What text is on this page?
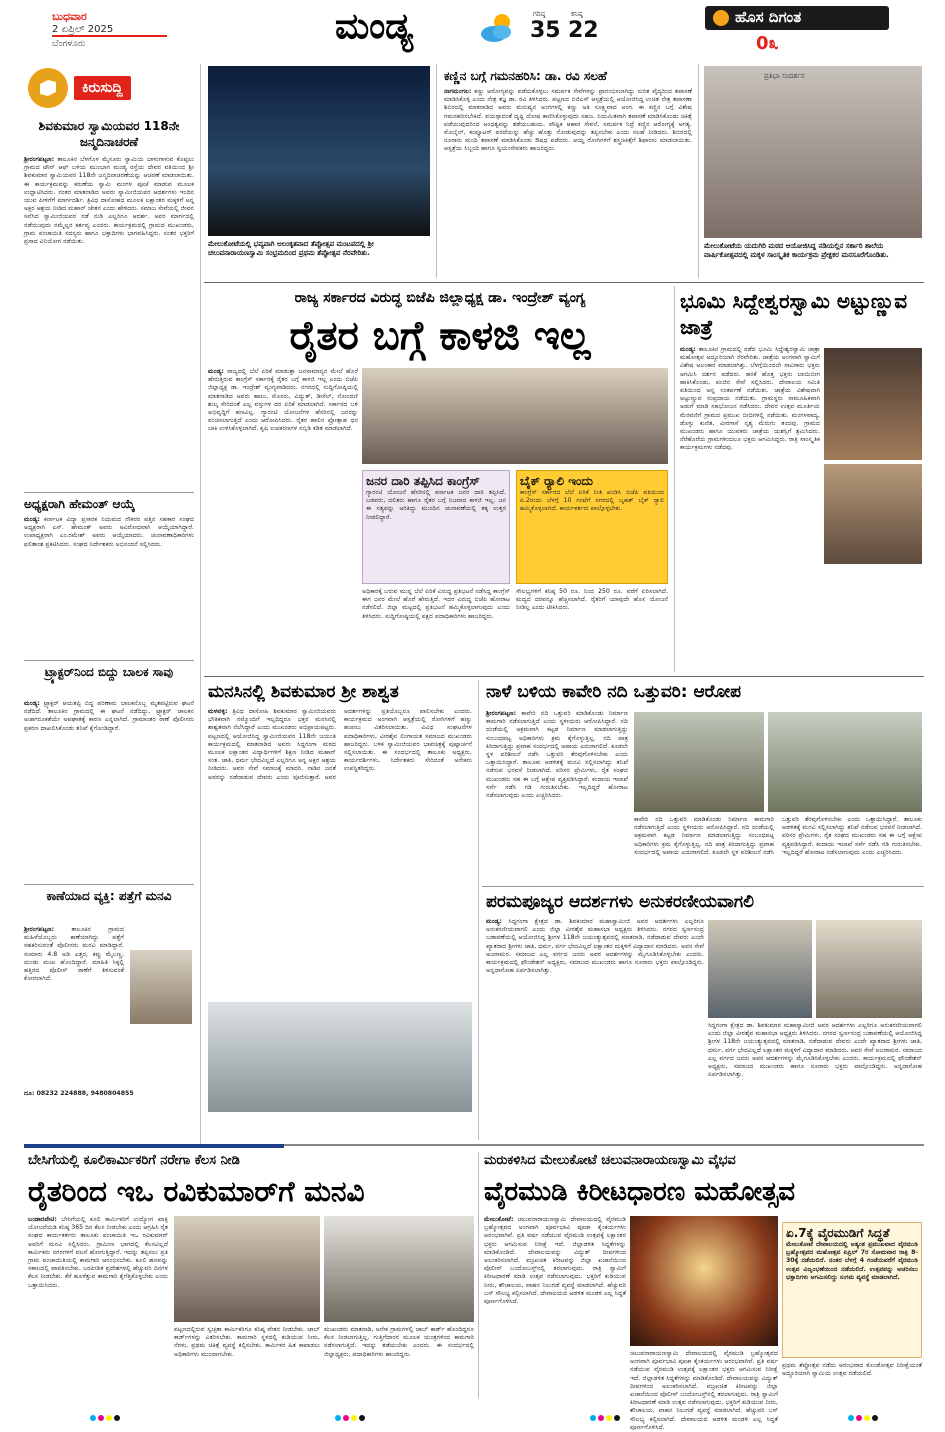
ಬುಧವಾರ
2 ಏಪ್ರಿಲ್ 2025
ಬೆಂಗಳೂರು	ಮಂಡ್ಯ	ಗರಿಷ್ಠ
35
ಕನಿಷ್ಠ
22
ಹೊಸ ದಿಗಂತ
0೩
ಕಿರುಸುದ್ದಿ
ಶಿವಕುಮಾರ ಸ್ವಾಮಿಯವರ 118ನೇ ಜನ್ಮದಿನಾಚರಣೆ
ಶ್ರೀರಂಗಪಟ್ಟಣ: ತಾಲೂಕಿನ ಬೆಳಗೊಳ ಮೈಸೂರು ಸ್ವಾಮಿಯ ಬಾಳುಗಾಳುವ ಕೊಪ್ಪಲು ಗ್ರಾಮದ ಟೌನ್ ಆಫ್ ಬಳಿಯ ಮುಂಭಾಗ ಮಂಡ್ಯ ರಸ್ತೆಯ ದೇವರ ವತಿಯಿಂದ ಶ್ರೀ ಶಿವಕುಮಾರ ಸ್ವಾಮಿಯವರ 118ನೇ ಜನ್ಮದಿನಾಚರಣೆಯನ್ನು ಆಚರಣೆ ಮಾಡಲಾಯಿತು. ಈ ಕಾರ್ಯಕ್ರಮವನ್ನು ಕರುಣೆಯ ಸ್ವಾಮಿ ಮಂಗಳ ಪೂಜೆ ಮಾಡುವ ಮೂಲಕ ಉದ್ಘಾಟಿಸಿದರು. ನಂತರ ಮಾತನಾಡಿದ ಅವರು ಸ್ವಾಮೀಜಿಯವರ ಆದರ್ಶಗಳು ಇಂದಿನ ಯುವ ಪೀಳಿಗೆಗೆ ಮಾರ್ಗದರ್ಶಿ. ತ್ರಿವಿಧ ದಾಸೋಹದ ಮೂಲಕ ಲಕ್ಷಾಂತರ ಮಕ್ಕಳಿಗೆ ಅನ್ನ ಅಕ್ಷರ ಆಶ್ರಯ ನೀಡಿದ ಮಹಾನ್ ಚೇತನ ಎಂದು ಹೇಳಿದರು. ಸಮಾಜ ಸೇವೆಯಲ್ಲಿ ಜೀವನ ಸವೆಸಿದ ಸ್ವಾಮೀಜಿಯವರ ನಡೆ ನುಡಿ ಎಲ್ಲರಿಗೂ ಆದರ್ಶ. ಅವರ ಮಾರ್ಗದಲ್ಲಿ ನಡೆಯುವುದು ನಮ್ಮೆಲ್ಲರ ಕರ್ತವ್ಯ ಎಂದರು. ಕಾರ್ಯಕ್ರಮದಲ್ಲಿ ಗ್ರಾಮದ ಮುಖಂಡರು, ಗ್ರಾಮ ಪಂಚಾಯಿತಿ ಸದಸ್ಯರು ಹಾಗೂ ಭಕ್ತಾದಿಗಳು ಭಾಗವಹಿಸಿದ್ದರು. ನಂತರ ಭಕ್ತರಿಗೆ ಪ್ರಸಾದ ವಿನಿಯೋಗ ನಡೆಯಿತು.
ಅಧ್ಯಕ್ಷರಾಗಿ ಹೇಮಂತ್ ಆಯ್ಕೆ
ಮಂಡ್ಯ: ಕರ್ನಾಟಕ ವಿದ್ಯಾ ಪ್ರಸಾರಕ ನಿಯಮದ ನೌಕರರ ಪತ್ತಿನ ಸಹಕಾರ ಸಂಘದ ಅಧ್ಯಕ್ಷರಾಗಿ ಎಸ್. ಹೇಮಂತ್ ಅವರು ಅವಿರೋಧವಾಗಿ ಆಯ್ಕೆಯಾಗಿದ್ದಾರೆ. ಉಪಾಧ್ಯಕ್ಷರಾಗಿ ಎಂ.ರಮೇಶ್ ಅವರು ಆಯ್ಕೆಯಾದರು. ಚುನಾವಣಾಧಿಕಾರಿಗಳು ಫಲಿತಾಂಶ ಪ್ರಕಟಿಸಿದರು. ಸಂಘದ ನಿರ್ದೇಶಕರು ಅಭಿನಂದನೆ ಸಲ್ಲಿಸಿದರು.
ಟ್ರ್ಯಾಕ್ಟರ್‌ನಿಂದ ಬಿದ್ದು ಬಾಲಕ ಸಾವು
ಮಂಡ್ಯ: ಟ್ರ್ಯಾಕ್ಟರ್ ಆಯತಪ್ಪಿ ಬಿದ್ದ ಪರಿಣಾಮ ಬಾಲಕನೊಬ್ಬ ಮೃತಪಟ್ಟಿರುವ ಘಟನೆ ನಡೆದಿದೆ. ತಾಲೂಕಿನ ಗ್ರಾಮದಲ್ಲಿ ಈ ಘಟನೆ ನಡೆದಿದ್ದು, ಟ್ರ್ಯಾಕ್ಟರ್ ಚಾಲಕನ ಅಜಾಗರೂಕತೆಯೇ ಅಪಘಾತಕ್ಕೆ ಕಾರಣ ಎನ್ನಲಾಗಿದೆ. ಗ್ರಾಮಾಂತರ ಠಾಣೆ ಪೊಲೀಸರು ಪ್ರಕರಣ ದಾಖಲಿಸಿಕೊಂಡು ತನಿಖೆ ಕೈಗೊಂಡಿದ್ದಾರೆ.
ಕಾಣೆಯಾದ ವ್ಯಕ್ತಿ: ಪತ್ತೆಗೆ ಮನವಿ
ಶ್ರೀರಂಗಪಟ್ಟಣ:	ತಾಲೂಕಿನ ಗ್ರಾಮದ ಮಹಿಳೆಯೊಬ್ಬರು ಕಾಣೆಯಾಗಿದ್ದು ಪತ್ತೆಗೆ ಸಹಕರಿಸುವಂತೆ ಪೊಲೀಸರು ಮನವಿ ಮಾಡಿದ್ದಾರೆ. ಸುಮಾರು 4.8 ಅಡಿ ಎತ್ತರ, ಕಪ್ಪು ಮೈಬಣ್ಣ, ದುಂಡು ಮುಖ ಹೊಂದಿದ್ದಾರೆ. ಮಾಹಿತಿ ಸಿಕ್ಕಲ್ಲಿ ಹತ್ತಿರದ ಪೊಲೀಸ್ ಠಾಣೆಗೆ ತಿಳಿಸುವಂತೆ ಕೋರಲಾಗಿದೆ.
ದೂ: 08232 224888, 9480804855
ಮೇಲುಕೋಟೆಯಲ್ಲಿ ಭವ್ಯವಾಗಿ ಅಲಂಕೃತವಾದ ತೆಪ್ಪೋತ್ಸವ ಮಂಟಪದಲ್ಲಿ ಶ್ರೀ ಚಲುವನಾರಾಯಣಸ್ವಾಮಿ ಸಂಭ್ರಮದಿಂದ ಪ್ರಥಮ ತೆಪ್ಪೋತ್ಸವ ನೆರವೇರಿತು.
ಕಣ್ಣಿನ ಬಗ್ಗೆ ಗಮನಹರಿಸಿ: ಡಾ. ರವಿ ಸಲಹೆ
ನಾಗಮಂಗಲ: ಕಣ್ಣು ಆರೋಗ್ಯವನ್ನು ಪಡೆದುಕೊಳ್ಳಲು ಸಮರ್ಪಕ ಸೇವೆಗಳನ್ನು ಪ್ರಾರಂಭಿಸಲಾಗಿದ್ದು ನುರಿತ ವೈದ್ಯರಿಂದ ತಪಾಸಣೆ ಮಾಡಿಸಿಕೊಳ್ಳಿ ಎಂದು ನೇತ್ರ ತಜ್ಞ ಡಾ. ರವಿ ತಿಳಿಸಿದರು. ಪಟ್ಟಣದ ಬಿಜಿಎಸ್ ಆಸ್ಪತ್ರೆಯಲ್ಲಿ ಆಯೋಜಿಸಿದ್ದ ಉಚಿತ ನೇತ್ರ ತಪಾಸಣಾ ಶಿಬಿರದಲ್ಲಿ ಮಾತನಾಡಿದ ಅವರು ಮನುಷ್ಯನ ಅಂಗಗಳಲ್ಲಿ ಕಣ್ಣು ಅತಿ ಸೂಕ್ಷ್ಮವಾದ ಅಂಗ. ಈ ಕಣ್ಣಿನ ಬಗ್ಗೆ ವಿಶೇಷ ಗಮನಹರಿಸಬೇಕಿದೆ. ವಯಸ್ಸಾದಂತೆ ದೃಷ್ಟಿ ದೋಷ ಕಾಣಿಸಿಕೊಳ್ಳುವುದು ಸಹಜ. ನಿಯಮಿತವಾಗಿ ತಪಾಸಣೆ ಮಾಡಿಸಿಕೊಂಡು ಚಿಕಿತ್ಸೆ ಪಡೆಯುವುದರಿಂದ ಅಂಧತ್ವವನ್ನು ತಡೆಯಬಹುದು. ಪೌಷ್ಟಿಕ ಆಹಾರ ಸೇವನೆ, ಸಮರ್ಪಕ ನಿದ್ರೆ ಕಣ್ಣಿನ ಆರೋಗ್ಯಕ್ಕೆ ಅಗತ್ಯ. ಮೊಬೈಲ್, ಕಂಪ್ಯೂಟರ್ ಪರದೆಯನ್ನು ಹೆಚ್ಚು ಹೊತ್ತು ನೋಡುವುದನ್ನು ತಪ್ಪಿಸಬೇಕು ಎಂದು ಸಲಹೆ ನೀಡಿದರು. ಶಿಬಿರದಲ್ಲಿ ನೂರಾರು ಮಂದಿ ತಪಾಸಣೆ ಮಾಡಿಸಿಕೊಂಡು ಔಷಧ ಪಡೆದರು. ಆಯ್ದ ರೋಗಿಗಳಿಗೆ ಶಸ್ತ್ರಚಿಕಿತ್ಸೆಗೆ ಶಿಫಾರಸು ಮಾಡಲಾಯಿತು. ಆಸ್ಪತ್ರೆಯ ಸಿಬ್ಬಂದಿ ಹಾಗೂ ಸ್ವಯಂಸೇವಕರು ಹಾಜರಿದ್ದರು.
ಪ್ರತಿಭಾ ಸಂದರ್ಶನ
ಮೇಲುಕೋಟೆಯ ಯದುಗಿರಿ ಮಠದ ಆಯೋಜಿಸಿದ್ದ ನಡಿಯಲ್ಲಿನ ಸರ್ಕಾರಿ ಶಾಲೆಯ ವಾರ್ಷಿಕೋತ್ಸವದಲ್ಲಿ ಮಕ್ಕಳ ಸಾಂಸ್ಕೃತಿಕ ಕಾರ್ಯಕ್ರಮ ಪ್ರೇಕ್ಷಕರ ಮನಸೂರೆಗೊಂಡಿತು.
ರಾಜ್ಯ ಸರ್ಕಾರದ ವಿರುದ್ಧ ಬಿಜೆಪಿ ಜಿಲ್ಲಾಧ್ಯಕ್ಷ ಡಾ. ಇಂದ್ರೇಶ್ ವ್ಯಂಗ್ಯ
ರೈತರ ಬಗ್ಗೆ ಕಾಳಜಿ ಇಲ್ಲ
ಮಂಡ್ಯ: ರಾಜ್ಯದಲ್ಲಿ ಬೆಲೆ ಏರಿಕೆ ಮಾಡುತ್ತಾ ಜನಸಾಮಾನ್ಯರ ಮೇಲೆ ಹೊರೆ ಹೇರುತ್ತಿರುವ ಕಾಂಗ್ರೆಸ್ ಸರ್ಕಾರಕ್ಕೆ ರೈತರ ಬಗ್ಗೆ ಕಾಳಜಿ ಇಲ್ಲ ಎಂದು ಬಿಜೆಪಿ ಜಿಲ್ಲಾಧ್ಯಕ್ಷ ಡಾ. ಇಂದ್ರೇಶ್ ವ್ಯಂಗ್ಯವಾಡಿದರು. ನಗರದಲ್ಲಿ ಸುದ್ದಿಗೋಷ್ಠಿಯಲ್ಲಿ ಮಾತನಾಡಿದ ಅವರು ಹಾಲು, ಮೊಸರು, ವಿದ್ಯುತ್, ಡೀಸೆಲ್, ನೋಂದಣಿ ಶುಲ್ಕ ಸೇರಿದಂತೆ ಎಲ್ಲ ವಸ್ತುಗಳ ದರ ಏರಿಕೆ ಮಾಡಲಾಗಿದೆ. ಸರ್ಕಾರದ ಬಳಿ ಅಭಿವೃದ್ಧಿಗೆ ಹಣವಿಲ್ಲ. ಗ್ಯಾರಂಟಿ ಯೋಜನೆಗಳ ಹೆಸರಿನಲ್ಲಿ ಜನರನ್ನು ವಂಚಿಸಲಾಗುತ್ತಿದೆ ಎಂದು ಆರೋಪಿಸಿದರು. ರೈತರ ಹಾಲಿನ ಪ್ರೋತ್ಸಾಹ ಧನ ಬಾಕಿ ಉಳಿಸಿಕೊಳ್ಳಲಾಗಿದೆ. ಕೃಷಿ ಉಪಕರಣಗಳ ಸಬ್ಸಿಡಿ ಕಡಿತ ಮಾಡಲಾಗಿದೆ.
ಜನರ ದಾರಿ ತಪ್ಪಿಸಿದ ಕಾಂಗ್ರೆಸ್
ಗ್ಯಾರಂಟಿ ಯೋಜನೆ ಹೆಸರಿನಲ್ಲಿ ಕರ್ನಾಟಕ ಜನರ ದಾರಿ ತಪ್ಪಿಸಿದೆ. ಬಡವರು, ದಲಿತರು ಹಾಗೂ ರೈತರ ಬಗ್ಗೆ ನಿಜವಾದ ಕಾಳಜಿ ಇಲ್ಲ. ಜನ ಈ ಸತ್ಯವನ್ನು ಅರಿತಿದ್ದು ಮುಂದಿನ ಚುನಾವಣೆಯಲ್ಲಿ ತಕ್ಕ ಉತ್ತರ ನೀಡಲಿದ್ದಾರೆ.
ಬೈಕ್ ರ್‍ಯಾಲಿ ಇಂದು
ಕಾಂಗ್ರೆಸ್ ಸರ್ಕಾರದ ಬೆಲೆ ಏರಿಕೆ ನೀತಿ ಖಂಡಿಸಿ ಬಿಜೆಪಿ ವತಿಯಿಂದ ಏ.2ರಂದು ಬೆಳಗ್ಗೆ 10 ಗಂಟೆಗೆ ನಗರದಲ್ಲಿ ಬೃಹತ್ ಬೈಕ್ ರ್‍ಯಾಲಿ ಹಮ್ಮಿಕೊಳ್ಳಲಾಗಿದೆ. ಕಾರ್ಯಕರ್ತರು ಪಾಲ್ಗೊಳ್ಳಬೇಕು.
ಅಧಿಕಾರಕ್ಕೆ ಬರುವ ಮುನ್ನ ಬೆಲೆ ಏರಿಕೆ ವಿರುದ್ಧ ಪ್ರತಿಭಟನೆ ನಡೆಸಿದ್ದ ಕಾಂಗ್ರೆಸ್ ಈಗ ಜನರ ಮೇಲೆ ಹೊರೆ ಹೇರುತ್ತಿದೆ. ಇದರ ವಿರುದ್ಧ ಬಿಜೆಪಿ ಹೋರಾಟ ನಡೆಸಲಿದೆ. ಜಿಲ್ಲಾ ಮಟ್ಟದಲ್ಲಿ ಪ್ರತಿಭಟನೆ ಹಮ್ಮಿಕೊಳ್ಳಲಾಗುವುದು ಎಂದು ತಿಳಿಸಿದರು. ಸುದ್ದಿಗೋಷ್ಠಿಯಲ್ಲಿ ಪಕ್ಷದ ಪದಾಧಿಕಾರಿಗಳು ಹಾಜರಿದ್ದರು.
ಸೌಲಭ್ಯಗಳಿಗೆ ಕನಿಷ್ಠ 50 ರೂ. ನಿಂದ 250 ರೂ. ವರೆಗೆ ಏರಿಸಲಾಗಿದೆ. ಮದ್ಯದ ದರವನ್ನೂ ಹೆಚ್ಚಿಸಲಾಗಿದೆ. ರೈತರಿಗೆ ಯಾವುದೇ ಹೊಸ ಯೋಜನೆ ನೀಡಿಲ್ಲ ಎಂದು ಟೀಕಿಸಿದರು.
ಭೂಮಿ ಸಿದ್ದೇಶ್ವರಸ್ವಾಮಿ ಅಟ್ಟುಣ್ಣುವ ಜಾತ್ರೆ
ಮಂಡ್ಯ: ತಾಲೂಕಿನ ಗ್ರಾಮದಲ್ಲಿ ನಡೆದ ಭೂಮಿ ಸಿದ್ದೇಶ್ವರಸ್ವಾಮಿ ಜಾತ್ರಾ ಮಹೋತ್ಸವ ಅದ್ದೂರಿಯಾಗಿ ನೆರವೇರಿತು. ಜಾತ್ರೆಯ ಅಂಗವಾಗಿ ಸ್ವಾಮಿಗೆ ವಿಶೇಷ ಅಲಂಕಾರ ಮಾಡಲಾಗಿತ್ತು. ಬೆಳಗ್ಗೆಯಿಂದಲೇ ಸಾವಿರಾರು ಭಕ್ತರು ಆಗಮಿಸಿ ದರ್ಶನ ಪಡೆದರು. ಹರಕೆ ಹೊತ್ತ ಭಕ್ತರು ಬಾಯಿಬೀಗ ಹಾಕಿಸಿಕೊಂಡು, ಪಂಜಿನ ಸೇವೆ ಸಲ್ಲಿಸಿದರು. ದೇವಾಲಯ ಸಮಿತಿ ವತಿಯಿಂದ ಅನ್ನ ಸಂತರ್ಪಣೆ ನಡೆಯಿತು. ಜಾತ್ರೆಯ ವಿಶೇಷವಾಗಿ ಅಟ್ಟುಣ್ಣುವ ಸಂಪ್ರದಾಯ ನಡೆಯಿತು. ಗ್ರಾಮಸ್ಥರು ಸಾಮೂಹಿಕವಾಗಿ ಅಡುಗೆ ಮಾಡಿ ಸಹಭೋಜನ ನಡೆಸಿದರು. ದೇವರ ಉತ್ಸವ ಮೂರ್ತಿಯ ಮೆರವಣಿಗೆ ಗ್ರಾಮದ ಪ್ರಮುಖ ಬೀದಿಗಳಲ್ಲಿ ನಡೆಯಿತು. ಮಂಗಳವಾದ್ಯ, ಡೊಳ್ಳು ಕುಣಿತ, ವೀರಗಾಸೆ ನೃತ್ಯ ಮೆರುಗು ತಂದವು. ಗ್ರಾಮದ ಮುಖಂಡರು ಹಾಗೂ ಯುವಕರು ಜಾತ್ರೆಯ ಯಶಸ್ಸಿಗೆ ಶ್ರಮಿಸಿದರು. ನೆರೆಹೊರೆಯ ಗ್ರಾಮಗಳಿಂದಲೂ ಭಕ್ತರು ಆಗಮಿಸಿದ್ದರು. ರಾತ್ರಿ ಸಾಂಸ್ಕೃತಿಕ ಕಾರ್ಯಕ್ರಮಗಳು ನಡೆದವು.
ಮನಸಿನಲ್ಲಿ ಶಿವಕುಮಾರ ಶ್ರೀ ಶಾಶ್ವತ
ಮಳವಳ್ಳಿ: ತ್ರಿವಿಧ ದಾಸೋಹಿ ಶಿವಕುಮಾರ ಸ್ವಾಮೀಜಿಯವರು ಭೌತಿಕವಾಗಿ ನಮ್ಮೊಂದಿಗೆ ಇಲ್ಲದಿದ್ದರೂ ಭಕ್ತರ ಮನಸಿನಲ್ಲಿ ಶಾಶ್ವತವಾಗಿ ನೆಲೆಸಿದ್ದಾರೆ ಎಂದು ಮುಖಂಡರು ಅಭಿಪ್ರಾಯಪಟ್ಟರು. ಪಟ್ಟಣದಲ್ಲಿ ಆಯೋಜಿಸಿದ್ದ ಸ್ವಾಮೀಜಿಯವರ 118ನೇ ಜಯಂತಿ ಕಾರ್ಯಕ್ರಮದಲ್ಲಿ ಮಾತನಾಡಿದ ಅವರು ಸಿದ್ದಗಂಗಾ ಮಠದ ಮೂಲಕ ಲಕ್ಷಾಂತರ ವಿದ್ಯಾರ್ಥಿಗಳಿಗೆ ಶಿಕ್ಷಣ ನೀಡಿದ ಮಹಾನ್ ಸಂತ. ಜಾತಿ, ಧರ್ಮ ಭೇದವಿಲ್ಲದೆ ಎಲ್ಲರಿಗೂ ಅನ್ನ ಅಕ್ಷರ ಆಶ್ರಯ ನೀಡಿದರು. ಅವರ ಸೇವೆ ಸಮಾಜಕ್ಕೆ ಮಾದರಿ. ನಾಡಿನ ಜನತೆ ಅವರನ್ನು ನಡೆದಾಡುವ ದೇವರು ಎಂದು ಪೂಜಿಸುತ್ತಾರೆ. ಅವರ ಆದರ್ಶಗಳನ್ನು ಪ್ರತಿಯೊಬ್ಬರೂ ಪಾಲಿಸಬೇಕು ಎಂದರು. ಕಾರ್ಯಕ್ರಮದ ಅಂಗವಾಗಿ ಆಸ್ಪತ್ರೆಯಲ್ಲಿ ರೋಗಿಗಳಿಗೆ ಹಣ್ಣು ಹಂಪಲು ವಿತರಿಸಲಾಯಿತು. ವಿವಿಧ ಸಂಘಟನೆಗಳ ಪದಾಧಿಕಾರಿಗಳು, ವೀರಶೈವ ಲಿಂಗಾಯತ ಸಮಾಜದ ಮುಖಂಡರು ಹಾಜರಿದ್ದರು. ಬಳಿಕ ಸ್ವಾಮೀಜಿಯವರ ಭಾವಚಿತ್ರಕ್ಕೆ ಪುಷ್ಪಾರ್ಚನೆ ಸಲ್ಲಿಸಲಾಯಿತು. ಈ ಸಂದರ್ಭದಲ್ಲಿ ತಾಲೂಕು ಅಧ್ಯಕ್ಷರು, ಕಾರ್ಯದರ್ಶಿಗಳು, ನಿರ್ದೇಶಕರು ಸೇರಿದಂತೆ ಅನೇಕರು ಉಪಸ್ಥಿತರಿದ್ದರು.
ನಾಳೆ ಬಳಿಯ ಕಾವೇರಿ ನದಿ ಒತ್ತುವರಿ: ಆರೋಪ
ಶ್ರೀರಂಗಪಟ್ಟಣ: ಕಾವೇರಿ ನದಿ ಒತ್ತುವರಿ ಮಾಡಿಕೊಂಡು ನಿರ್ಮಾಣ ಕಾಮಗಾರಿ ನಡೆಸಲಾಗುತ್ತಿದೆ ಎಂದು ಸ್ಥಳೀಯರು ಆರೋಪಿಸಿದ್ದಾರೆ. ನದಿ ದಂಡೆಯಲ್ಲಿ ಅಕ್ರಮವಾಗಿ ಕಟ್ಟಡ ನಿರ್ಮಾಣ ಮಾಡಲಾಗುತ್ತಿದ್ದು ಸಂಬಂಧಪಟ್ಟ ಅಧಿಕಾರಿಗಳು ಕ್ರಮ ಕೈಗೊಳ್ಳುತ್ತಿಲ್ಲ. ನದಿ ಪಾತ್ರ ಕಿರಿದಾಗುತ್ತಿದ್ದು ಪ್ರವಾಹ ಸಂದರ್ಭದಲ್ಲಿ ಅಪಾಯ ಎದುರಾಗಲಿದೆ. ಕೂಡಲೇ ಸ್ಥಳ ಪರಿಶೀಲನೆ ನಡೆಸಿ ಒತ್ತುವರಿ ತೆರವುಗೊಳಿಸಬೇಕು ಎಂದು ಒತ್ತಾಯಿಸಿದ್ದಾರೆ. ತಾಲೂಕು ಆಡಳಿತಕ್ಕೆ ಮನವಿ ಸಲ್ಲಿಸಲಾಗಿದ್ದು ತನಿಖೆ ನಡೆಸುವ ಭರವಸೆ ನೀಡಲಾಗಿದೆ. ಪರಿಸರ ಪ್ರೇಮಿಗಳು, ರೈತ ಸಂಘದ ಮುಖಂಡರು ಸಹ ಈ ಬಗ್ಗೆ ಆಕ್ಷೇಪ ವ್ಯಕ್ತಪಡಿಸಿದ್ದಾರೆ. ಕಂದಾಯ ಇಲಾಖೆ ಸರ್ವೆ ನಡೆಸಿ ಗಡಿ ಗುರುತಿಸಬೇಕು. ಇಲ್ಲದಿದ್ದರೆ ಹೋರಾಟ ನಡೆಸಲಾಗುವುದು ಎಂದು ಎಚ್ಚರಿಸಿದರು.
ಕಾವೇರಿ ನದಿ ಒತ್ತುವರಿ ಮಾಡಿಕೊಂಡು ನಿರ್ಮಾಣ ಕಾಮಗಾರಿ ನಡೆಸಲಾಗುತ್ತಿದೆ ಎಂದು ಸ್ಥಳೀಯರು ಆರೋಪಿಸಿದ್ದಾರೆ. ನದಿ ದಂಡೆಯಲ್ಲಿ ಅಕ್ರಮವಾಗಿ ಕಟ್ಟಡ ನಿರ್ಮಾಣ ಮಾಡಲಾಗುತ್ತಿದ್ದು ಸಂಬಂಧಪಟ್ಟ ಅಧಿಕಾರಿಗಳು ಕ್ರಮ ಕೈಗೊಳ್ಳುತ್ತಿಲ್ಲ. ನದಿ ಪಾತ್ರ ಕಿರಿದಾಗುತ್ತಿದ್ದು ಪ್ರವಾಹ ಸಂದರ್ಭದಲ್ಲಿ ಅಪಾಯ ಎದುರಾಗಲಿದೆ. ಕೂಡಲೇ ಸ್ಥಳ ಪರಿಶೀಲನೆ ನಡೆಸಿ ಒತ್ತುವರಿ ತೆರವುಗೊಳಿಸಬೇಕು ಎಂದು ಒತ್ತಾಯಿಸಿದ್ದಾರೆ. ತಾಲೂಕು ಆಡಳಿತಕ್ಕೆ ಮನವಿ ಸಲ್ಲಿಸಲಾಗಿದ್ದು ತನಿಖೆ ನಡೆಸುವ ಭರವಸೆ ನೀಡಲಾಗಿದೆ. ಪರಿಸರ ಪ್ರೇಮಿಗಳು, ರೈತ ಸಂಘದ ಮುಖಂಡರು ಸಹ ಈ ಬಗ್ಗೆ ಆಕ್ಷೇಪ ವ್ಯಕ್ತಪಡಿಸಿದ್ದಾರೆ. ಕಂದಾಯ ಇಲಾಖೆ ಸರ್ವೆ ನಡೆಸಿ ಗಡಿ ಗುರುತಿಸಬೇಕು. ಇಲ್ಲದಿದ್ದರೆ ಹೋರಾಟ ನಡೆಸಲಾಗುವುದು ಎಂದು ಎಚ್ಚರಿಸಿದರು.
ಪರಮಪೂಜ್ಯರ ಆದರ್ಶಗಳು ಅನುಕರಣೀಯವಾಗಲಿ
ಮಂಡ್ಯ: ಸಿದ್ದಗಂಗಾ ಕ್ಷೇತ್ರದ ಡಾ. ಶಿವಕುಮಾರ ಮಹಾಸ್ವಾಮೀಜಿ ಅವರ ಆದರ್ಶಗಳು ಎಲ್ಲರಿಗೂ ಅನುಕರಣೀಯವಾಗಲಿ ಎಂದು ಜಿಲ್ಲಾ ವೀರಶೈವ ಮಹಾಸಭಾ ಅಧ್ಯಕ್ಷರು ತಿಳಿಸಿದರು. ನಗರದ ಸ್ವರ್ಣಸಂದ್ರ ಬಡಾವಣೆಯಲ್ಲಿ ಆಯೋಜಿಸಿದ್ದ ಶ್ರೀಗಳ 118ನೇ ಜಯಂತ್ಯುತ್ಸವದಲ್ಲಿ ಮಾತನಾಡಿ, ನಡೆದಾಡುವ ದೇವರು ಎಂದೇ ಖ್ಯಾತರಾದ ಶ್ರೀಗಳು ಜಾತಿ, ಧರ್ಮ, ವರ್ಗ ಭೇದವಿಲ್ಲದೆ ಲಕ್ಷಾಂತರ ಮಕ್ಕಳಿಗೆ ವಿದ್ಯಾದಾನ ಮಾಡಿದರು. ಅವರ ಸೇವೆ ಅಜರಾಮರ. ಸಮಾಜದ ಎಲ್ಲ ವರ್ಗದ ಜನರು ಅವರ ಆದರ್ಶಗಳನ್ನು ಮೈಗೂಡಿಸಿಕೊಳ್ಳಬೇಕು ಎಂದರು. ಕಾರ್ಯಕ್ರಮದಲ್ಲಿ ಫೌಂಡೇಶನ್ ಅಧ್ಯಕ್ಷರು, ಸಮಾಜದ ಮುಖಂಡರು ಹಾಗೂ ನೂರಾರು ಭಕ್ತರು ಪಾಲ್ಗೊಂಡಿದ್ದರು. ಅನ್ನದಾಸೋಹ ಏರ್ಪಡಿಸಲಾಗಿತ್ತು.
ಸಿದ್ದಗಂಗಾ ಕ್ಷೇತ್ರದ ಡಾ. ಶಿವಕುಮಾರ ಮಹಾಸ್ವಾಮೀಜಿ ಅವರ ಆದರ್ಶಗಳು ಎಲ್ಲರಿಗೂ ಅನುಕರಣೀಯವಾಗಲಿ ಎಂದು ಜಿಲ್ಲಾ ವೀರಶೈವ ಮಹಾಸಭಾ ಅಧ್ಯಕ್ಷರು ತಿಳಿಸಿದರು. ನಗರದ ಸ್ವರ್ಣಸಂದ್ರ ಬಡಾವಣೆಯಲ್ಲಿ ಆಯೋಜಿಸಿದ್ದ ಶ್ರೀಗಳ 118ನೇ ಜಯಂತ್ಯುತ್ಸವದಲ್ಲಿ ಮಾತನಾಡಿ, ನಡೆದಾಡುವ ದೇವರು ಎಂದೇ ಖ್ಯಾತರಾದ ಶ್ರೀಗಳು ಜಾತಿ, ಧರ್ಮ, ವರ್ಗ ಭೇದವಿಲ್ಲದೆ ಲಕ್ಷಾಂತರ ಮಕ್ಕಳಿಗೆ ವಿದ್ಯಾದಾನ ಮಾಡಿದರು. ಅವರ ಸೇವೆ ಅಜರಾಮರ. ಸಮಾಜದ ಎಲ್ಲ ವರ್ಗದ ಜನರು ಅವರ ಆದರ್ಶಗಳನ್ನು ಮೈಗೂಡಿಸಿಕೊಳ್ಳಬೇಕು ಎಂದರು. ಕಾರ್ಯಕ್ರಮದಲ್ಲಿ ಫೌಂಡೇಶನ್ ಅಧ್ಯಕ್ಷರು, ಸಮಾಜದ ಮುಖಂಡರು ಹಾಗೂ ನೂರಾರು ಭಕ್ತರು ಪಾಲ್ಗೊಂಡಿದ್ದರು. ಅನ್ನದಾಸೋಹ ಏರ್ಪಡಿಸಲಾಗಿತ್ತು.
ಬೇಸಿಗೆಯಲ್ಲಿ ಕೂಲಿಕಾರ್ಮಿಕರಿಗೆ ನರೇಗಾ ಕೆಲಸ ನೀಡಿ
ರೈತರಿಂದ ಇಒ ರವಿಕುಮಾರ್‌ಗೆ ಮನವಿ
ಬಂಡಾರವೇಟಿ: ಬೇಸಿಗೆಯಲ್ಲಿ ಕೂಲಿ ಕಾರ್ಮಿಕರಿಗೆ ಉದ್ಯೋಗ ಖಾತ್ರಿ ಯೋಜನೆಯಡಿ ಕನಿಷ್ಠ 365 ದಿನ ಕೆಲಸ ನೀಡಬೇಕು ಎಂದು ಆಗ್ರಹಿಸಿ ರೈತ ಸಂಘದ ಕಾರ್ಯಕರ್ತರು ತಾಲೂಕು ಪಂಚಾಯಿತಿ ಇಒ ರವಿಕುಮಾರ್ ಅವರಿಗೆ ಮನವಿ ಸಲ್ಲಿಸಿದರು. ಗ್ರಾಮೀಣ ಭಾಗದಲ್ಲಿ ಕೆಲಸವಿಲ್ಲದೆ ಕಾರ್ಮಿಕರು ನಗರಗಳಿಗೆ ವಲಸೆ ಹೋಗುತ್ತಿದ್ದಾರೆ. ಇದನ್ನು ತಪ್ಪಿಸಲು ಪ್ರತಿ ಗ್ರಾಮ ಪಂಚಾಯಿತಿಯಲ್ಲಿ ಕಾಮಗಾರಿ ಆರಂಭಿಸಬೇಕು. ಕೂಲಿ ಹಣವನ್ನು ಸಕಾಲದಲ್ಲಿ ಪಾವತಿಸಬೇಕು. ಬರಪೀಡಿತ ಪ್ರದೇಶಗಳಲ್ಲಿ ಹೆಚ್ಚುವರಿ ದಿನಗಳ ಕೆಲಸ ನೀಡಬೇಕು. ಕೆರೆ ಹೂಳೆತ್ತುವ ಕಾಮಗಾರಿ ಕೈಗೆತ್ತಿಕೊಳ್ಳಬೇಕು ಎಂದು ಒತ್ತಾಯಿಸಿದರು.
ಪಟ್ಟಣದಲ್ಲಿರುವ ಸ್ವಚ್ಛತಾ ಕಾರ್ಮಿಕರಿಗೂ ಕನಿಷ್ಠ ವೇತನ ನೀಡಬೇಕು. ಜಾಬ್ ಕಾರ್ಡ್‌ಗಳನ್ನು ವಿತರಿಸಬೇಕು. ಕಾಮಗಾರಿ ಸ್ಥಳದಲ್ಲಿ ಕುಡಿಯುವ ನೀರು, ನೆರಳು, ಪ್ರಥಮ ಚಿಕಿತ್ಸೆ ವ್ಯವಸ್ಥೆ ಕಲ್ಪಿಸಬೇಕು. ಕಾರ್ಮಿಕರ ಹಿತ ಕಾಪಾಡಲು ಅಧಿಕಾರಿಗಳು ಮುಂದಾಗಬೇಕು.
ಮುಖಂಡರು ಮಾತನಾಡಿ, ಅನೇಕ ಗ್ರಾಮಗಳಲ್ಲಿ ಜಾಬ್ ಕಾರ್ಡ್ ಹೊಂದಿದ್ದರೂ ಕೆಲಸ ನೀಡಲಾಗುತ್ತಿಲ್ಲ. ಗುತ್ತಿಗೆದಾರರ ಮೂಲಕ ಯಂತ್ರಗಳಿಂದ ಕಾಮಗಾರಿ ನಡೆಸಲಾಗುತ್ತಿದೆ. ಇದನ್ನು ತಡೆಯಬೇಕು ಎಂದರು. ಈ ಸಂದರ್ಭದಲ್ಲಿ ಜಿಲ್ಲಾಧ್ಯಕ್ಷರು, ಪದಾಧಿಕಾರಿಗಳು ಹಾಜರಿದ್ದರು.
ಮರುಕಳಿಸಿದ ಮೇಲುಕೋಟೆ ಚಲುವನಾರಾಯಣಸ್ವಾಮಿ ವೈಭವ
ವೈರಮುಡಿ ಕಿರೀಟಧಾರಣ ಮಹೋತ್ಸವ
ಮೇಲುಕೋಟೆ: ಚಲುವನಾರಾಯಣಸ್ವಾಮಿ ದೇವಾಲಯದಲ್ಲಿ ವೈರಮುಡಿ ಬ್ರಹ್ಮೋತ್ಸವದ ಅಂಗವಾಗಿ ಪೂರ್ವಭಾವಿ ಪೂಜಾ ಕೈಂಕರ್ಯಗಳು ಆರಂಭವಾಗಿವೆ. ಪ್ರತಿ ವರ್ಷ ನಡೆಯುವ ವೈರಮುಡಿ ಉತ್ಸವಕ್ಕೆ ಲಕ್ಷಾಂತರ ಭಕ್ತರು ಆಗಮಿಸುವ ನಿರೀಕ್ಷೆ ಇದೆ. ಜಿಲ್ಲಾಡಳಿತ ಸಿದ್ಧತೆಗಳನ್ನು ಮಾಡಿಕೊಂಡಿದೆ. ದೇವಾಲಯವನ್ನು ವಿದ್ಯುತ್ ದೀಪಗಳಿಂದ ಅಲಂಕರಿಸಲಾಗಿದೆ. ವಜ್ರಖಚಿತ ಕಿರೀಟವನ್ನು ಜಿಲ್ಲಾ ಖಜಾನೆಯಿಂದ ಪೊಲೀಸ್ ಬಂದೋಬಸ್ತ್‌ನಲ್ಲಿ ತರಲಾಗುವುದು. ರಾತ್ರಿ ಸ್ವಾಮಿಗೆ ಕಿರೀಟಧಾರಣೆ ಮಾಡಿ ಉತ್ಸವ ನಡೆಸಲಾಗುವುದು. ಭಕ್ತರಿಗೆ ಕುಡಿಯುವ ನೀರು, ಶೌಚಾಲಯ, ವಾಹನ ನಿಲುಗಡೆ ವ್ಯವಸ್ಥೆ ಮಾಡಲಾಗಿದೆ. ಹೆಚ್ಚುವರಿ ಬಸ್ ಸೌಲಭ್ಯ ಕಲ್ಪಿಸಲಾಗಿದೆ. ದೇವಾಲಯದ ಆಡಳಿತ ಮಂಡಳಿ ಎಲ್ಲ ಸಿದ್ಧತೆ ಪೂರ್ಣಗೊಳಿಸಿದೆ.
ಚಲುವನಾರಾಯಣಸ್ವಾಮಿ ದೇವಾಲಯದಲ್ಲಿ ವೈರಮುಡಿ ಬ್ರಹ್ಮೋತ್ಸವದ ಅಂಗವಾಗಿ ಪೂರ್ವಭಾವಿ ಪೂಜಾ ಕೈಂಕರ್ಯಗಳು ಆರಂಭವಾಗಿವೆ. ಪ್ರತಿ ವರ್ಷ ನಡೆಯುವ ವೈರಮುಡಿ ಉತ್ಸವಕ್ಕೆ ಲಕ್ಷಾಂತರ ಭಕ್ತರು ಆಗಮಿಸುವ ನಿರೀಕ್ಷೆ ಇದೆ. ಜಿಲ್ಲಾಡಳಿತ ಸಿದ್ಧತೆಗಳನ್ನು ಮಾಡಿಕೊಂಡಿದೆ. ದೇವಾಲಯವನ್ನು ವಿದ್ಯುತ್ ದೀಪಗಳಿಂದ ಅಲಂಕರಿಸಲಾಗಿದೆ. ವಜ್ರಖಚಿತ ಕಿರೀಟವನ್ನು ಜಿಲ್ಲಾ ಖಜಾನೆಯಿಂದ ಪೊಲೀಸ್ ಬಂದೋಬಸ್ತ್‌ನಲ್ಲಿ ತರಲಾಗುವುದು. ರಾತ್ರಿ ಸ್ವಾಮಿಗೆ ಕಿರೀಟಧಾರಣೆ ಮಾಡಿ ಉತ್ಸವ ನಡೆಸಲಾಗುವುದು. ಭಕ್ತರಿಗೆ ಕುಡಿಯುವ ನೀರು, ಶೌಚಾಲಯ, ವಾಹನ ನಿಲುಗಡೆ ವ್ಯವಸ್ಥೆ ಮಾಡಲಾಗಿದೆ. ಹೆಚ್ಚುವರಿ ಬಸ್ ಸೌಲಭ್ಯ ಕಲ್ಪಿಸಲಾಗಿದೆ. ದೇವಾಲಯದ ಆಡಳಿತ ಮಂಡಳಿ ಎಲ್ಲ ಸಿದ್ಧತೆ ಪೂರ್ಣಗೊಳಿಸಿದೆ.
ಏ.7ಕ್ಕೆ ವೈರಮುಡಿಗೆ ಸಿದ್ಧತೆ
ಮೇಲುಕೋಟೆ ದೇವಾಲಯದಲ್ಲಿ ಅತ್ಯಂತ ಪ್ರಮುಖವಾದ ವೈರಮುಡಿ ಬ್ರಹ್ಮೋತ್ಸವದ ಮಹೋತ್ಸವ ಏಪ್ರಿಲ್ 7ರ ಸೋಮವಾರ ರಾತ್ರಿ 8-30ಕ್ಕೆ ನಡೆಯಲಿದೆ. ನಂತರ ಬೆಳಗ್ಗೆ 4 ಗಂಟೆಯವರೆಗೆ ವೈರಮುಡಿ ಉತ್ಸವ ವಿಜೃಂಭಣೆಯಿಂದ ನಡೆಯಲಿದೆ. ಉತ್ಸವವನ್ನು ಆಚರಿಸಲು ಭಕ್ತಾದಿಗಳು ಆಗಮಿಸಲಿದ್ದು ಸುಗಮ ವ್ಯವಸ್ಥೆ ಮಾಡಲಾಗಿದೆ.
ಪ್ರಥಮ ತೆಪ್ಪೋತ್ಸವ ನಡೆದು ಆರಂಭವಾದ ಕೊಂಡೋತ್ಸವ ನಿರೀಕ್ಷೆಯಂತೆ ಅದ್ದೂರಿಯಾಗಿ ಸ್ವಾಮಿಯ ಉತ್ಸವ ನಡೆಯಲಿದೆ.
